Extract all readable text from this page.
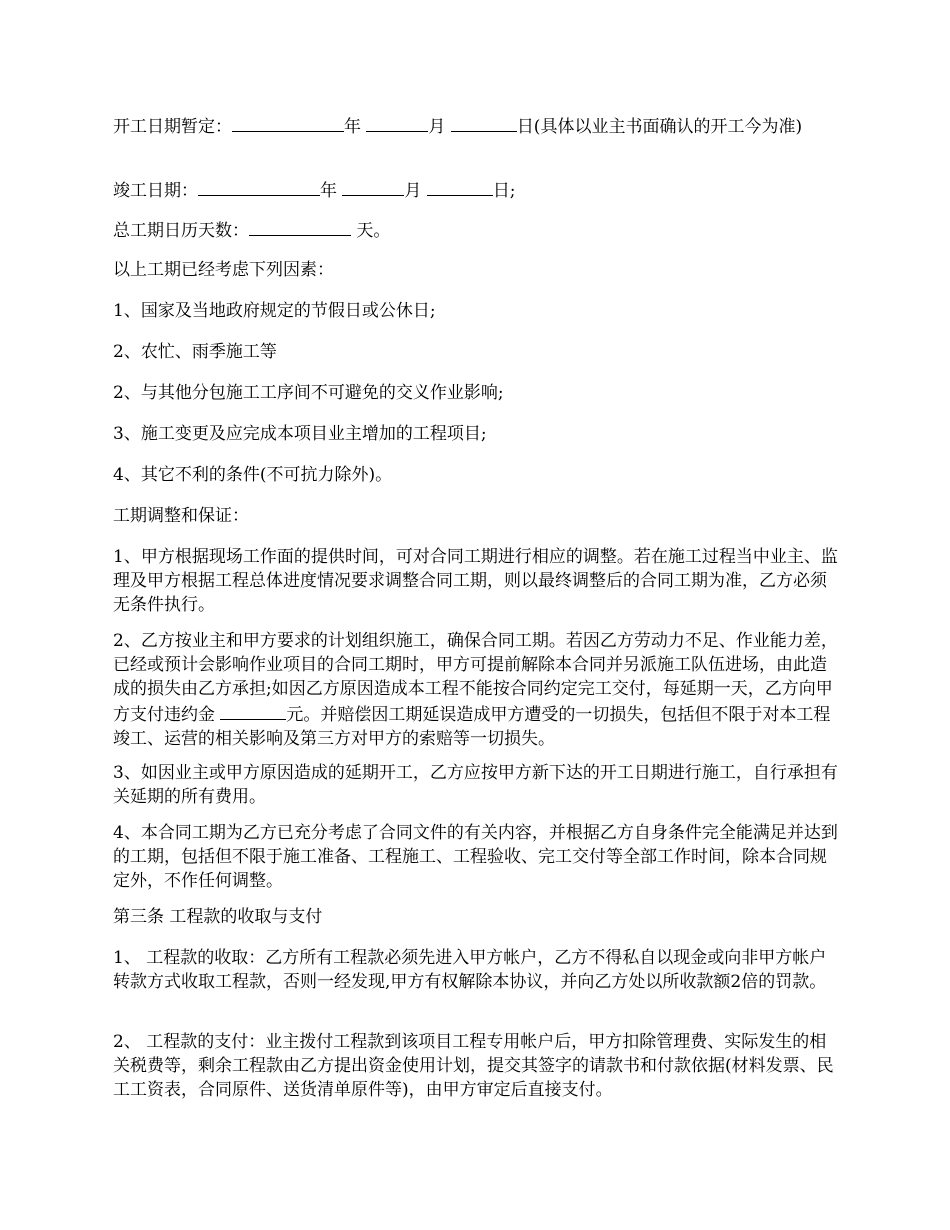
开工日期暂定：	年	月	日(具体以业主书面确认的开工今为准)

竣工日期：	年	月	日;

总工期日历天数：	天。

以上工期已经考虑下列因素：

1、国家及当地政府规定的节假日或公休日;

2、农忙、雨季施工等

2、与其他分包施工工序间不可避免的交义作业影响;

3、施工变更及应完成本项目业主增加的工程项目;

4、其它不利的条件(不可抗力除外)。

工期调整和保证：

1、甲方根据现场工作面的提供时间，可对合同工期进行相应的调整。若在施工过程当中业主、监理及甲方根据工程总体进度情况要求调整合同工期，则以最终调整后的合同工期为准，乙方必须无条件执行。

2、乙方按业主和甲方要求的计划组织施工，确保合同工期。若因乙方劳动力不足、作业能力差，已经或预计会影响作业项目的合同工期时，甲方可提前解除本合同并另派施工队伍进场，由此造成的损失由乙方承担;如因乙方原因造成本工程不能按合同约定完工交付，每延期一天，乙方向甲方支付违约金	元。并赔偿因工期延误造成甲方遭受的一切损失，包括但不限于对本工程竣工、运营的相关影响及第三方对甲方的索赔等一切损失。

3、如因业主或甲方原因造成的延期开工，乙方应按甲方新下达的开工日期进行施工，自行承担有关延期的所有费用。

4、本合同工期为乙方已充分考虑了合同文件的有关内容，并根据乙方自身条件完全能满足并达到的工期，包括但不限于施工准备、工程施工、工程验收、完工交付等全部工作时间，除本合同规定外，不作任何调整。

第三条 工程款的收取与支付

1、 工程款的收取：乙方所有工程款必须先进入甲方帐户，乙方不得私自以现金或向非甲方帐户转款方式收取工程款，否则一经发现,甲方有权解除本协议，并向乙方处以所收款额2倍的罚款。

2、 工程款的支付：业主拨付工程款到该项目工程专用帐户后，甲方扣除管理费、实际发生的相关税费等，剩余工程款由乙方提出资金使用计划，提交其签字的请款书和付款依据(材料发票、民工工资表，合同原件、送货清单原件等)，由甲方审定后直接支付。
